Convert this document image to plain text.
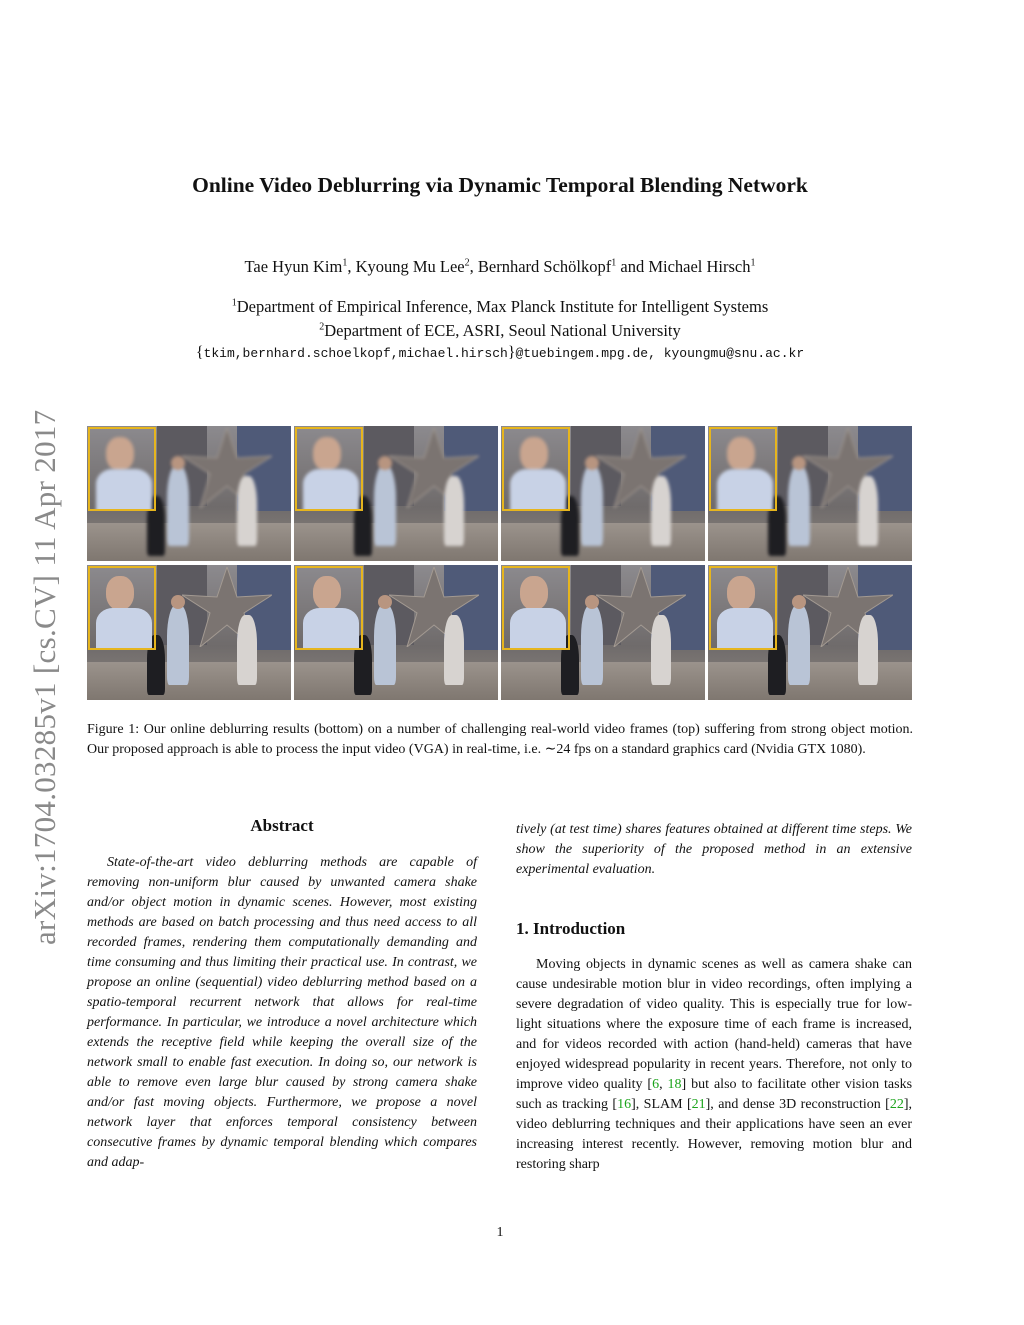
arXiv:1704.03285v1 [cs.CV] 11 Apr 2017
Online Video Deblurring via Dynamic Temporal Blending Network
Tae Hyun Kim$^1$, Kyoung Mu Lee$^2$, Bernhard Schölkopf$^1$ and Michael Hirsch$^1$
$^1$Department of Empirical Inference, Max Planck Institute for Intelligent Systems
$^2$Department of ECE, ASRI, Seoul National University
{tkim,bernhard.schoelkopf,michael.hirsch}@tuebingem.mpg.de, kyoungmu@snu.ac.kr
Figure 1: Our online deblurring results (bottom) on a number of challenging real-world video frames (top) suffering from strong object motion. Our proposed approach is able to process the input video (VGA) in real-time, i.e. ∼24 fps on a standard graphics card (Nvidia GTX 1080).
Abstract

State-of-the-art video deblurring methods are capable of removing non-uniform blur caused by unwanted camera shake and/or object motion in dynamic scenes. However, most existing methods are based on batch processing and thus need access to all recorded frames, rendering them computationally demanding and time consuming and thus limiting their practical use. In contrast, we propose an online (sequential) video deblurring method based on a spatio-temporal recurrent network that allows for real-time performance. In particular, we introduce a novel architecture which extends the receptive field while keeping the overall size of the network small to enable fast execution. In doing so, our network is able to remove even large blur caused by strong camera shake and/or fast moving objects. Furthermore, we propose a novel network layer that enforces temporal consistency between consecutive frames by dynamic temporal blending which compares and adap-

tively (at test time) shares features obtained at different time steps. We show the superiority of the proposed method in an extensive experimental evaluation.

1. Introduction

Moving objects in dynamic scenes as well as camera shake can cause undesirable motion blur in video recordings, often implying a severe degradation of video quality. This is especially true for low-light situations where the exposure time of each frame is increased, and for videos recorded with action (hand-held) cameras that have enjoyed widespread popularity in recent years. Therefore, not only to improve video quality [6, 18] but also to facilitate other vision tasks such as tracking [16], SLAM [21], and dense 3D reconstruction [22], video deblurring techniques and their applications have seen an ever increasing interest recently. However, removing motion blur and restoring sharp

1
